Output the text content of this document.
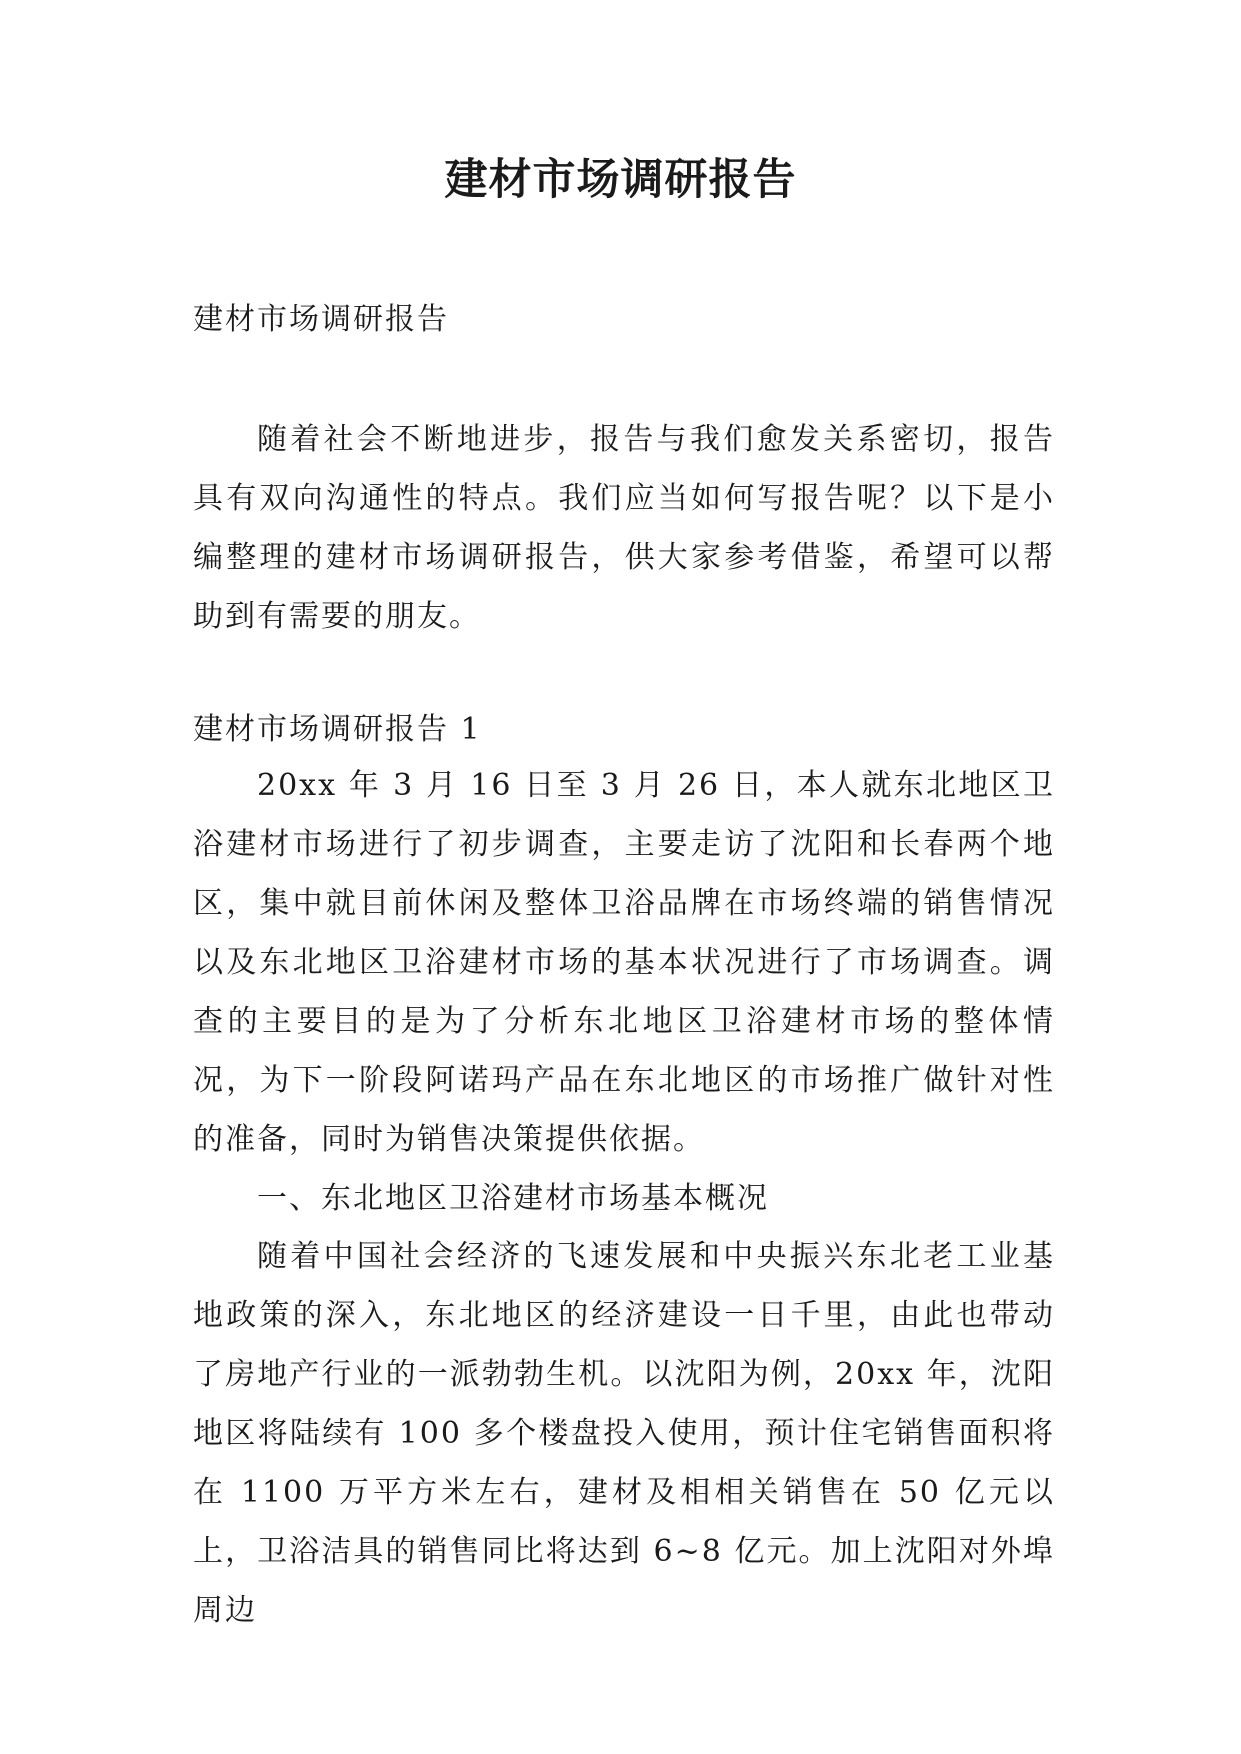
建材市场调研报告
建材市场调研报告
随着社会不断地进步，报告与我们愈发关系密切，报告具有双向沟通性的特点。我们应当如何写报告呢？以下是小编整理的建材市场调研报告，供大家参考借鉴，希望可以帮助到有需要的朋友。
建材市场调研报告 1
20xx 年 3 月 16 日至 3 月 26 日，本人就东北地区卫浴建材市场进行了初步调查，主要走访了沈阳和长春两个地区，集中就目前休闲及整体卫浴品牌在市场终端的销售情况以及东北地区卫浴建材市场的基本状况进行了市场调查。调查的主要目的是为了分析东北地区卫浴建材市场的整体情况，为下一阶段阿诺玛产品在东北地区的市场推广做针对性的准备，同时为销售决策提供依据。
一、东北地区卫浴建材市场基本概况
随着中国社会经济的飞速发展和中央振兴东北老工业基地政策的深入，东北地区的经济建设一日千里，由此也带动了房地产行业的一派勃勃生机。以沈阳为例，20xx 年，沈阳地区将陆续有 100 多个楼盘投入使用，预计住宅销售面积将在 1100 万平方米左右，建材及相相关销售在 50 亿元以上，卫浴洁具的销售同比将达到 6~8 亿元。加上沈阳对外埠周边
